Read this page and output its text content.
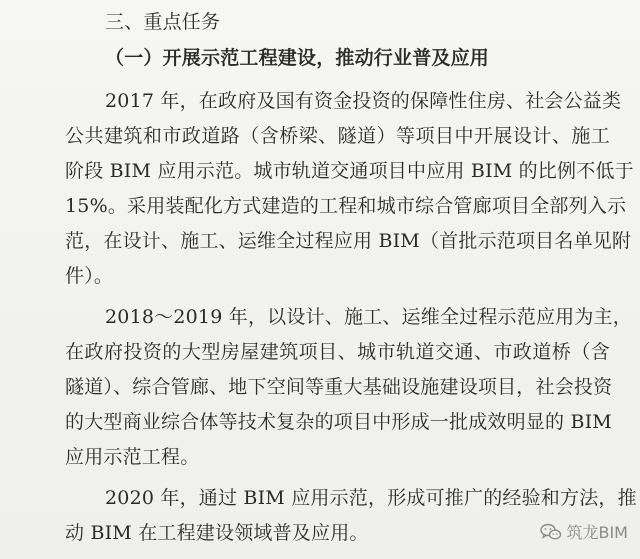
三、重点任务
（一）开展示范工程建设，推动行业普及应用
2017 年，在政府及国有资金投资的保障性住房、社会公益类
公共建筑和市政道路（含桥梁、隧道）等项目中开展设计、施工
阶段 BIM 应用示范。城市轨道交通项目中应用 BIM 的比例不低于
15%。采用装配化方式建造的工程和城市综合管廊项目全部列入示
范，在设计、施工、运维全过程应用 BIM（首批示范项目名单见附
件）。
2018～2019 年，以设计、施工、运维全过程示范应用为主，
在政府投资的大型房屋建筑项目、城市轨道交通、市政道桥（含
隧道）、综合管廊、地下空间等重大基础设施建设项目，社会投资
的大型商业综合体等技术复杂的项目中形成一批成效明显的 BIM
应用示范工程。
2020 年，通过 BIM 应用示范，形成可推广的经验和方法，推
动 BIM 在工程建设领域普及应用。	筑龙BIM
